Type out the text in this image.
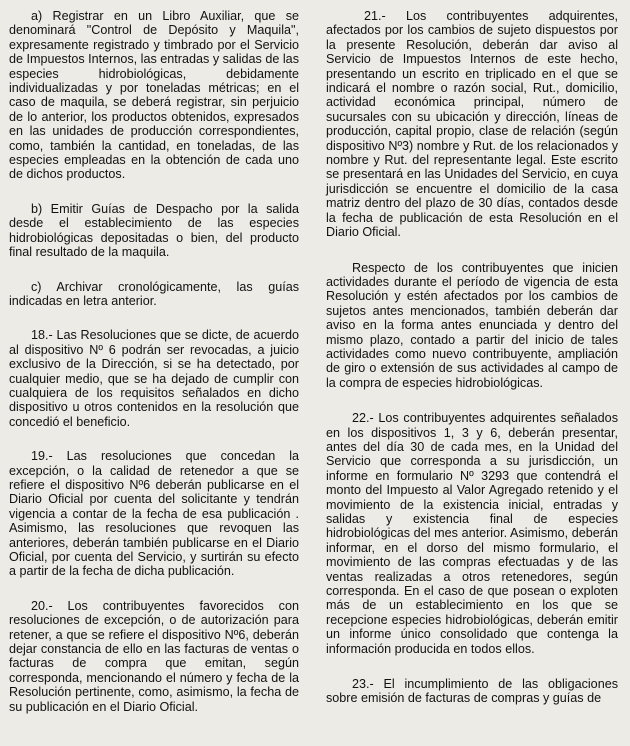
a) Registrar en un Libro Auxiliar, que se denominará "Control de Depósito y Maquila", expresamente registrado y timbrado por el Servicio de Impuestos Internos, las entradas y salidas de las especies hidrobiológicas, debidamente individualizadas y por toneladas métricas; en el caso de maquila, se deberá registrar, sin perjuicio de lo anterior, los productos obtenidos, expresados en las unidades de producción correspondientes, como, también la cantidad, en toneladas, de las especies empleadas en la obtención de cada uno de dichos productos.

b) Emitir Guías de Despacho por la salida desde el establecimiento de las especies hidrobiológicas depositadas o bien, del producto final resultado de la maquila.

c) Archivar cronológicamente, las guías indicadas en letra anterior.

18.- Las Resoluciones que se dicte, de acuerdo al dispositivo Nº 6 podrán ser revocadas, a juicio exclusivo de la Dirección, si se ha detectado, por cualquier medio, que se ha dejado de cumplir con cualquiera de los requisitos señalados en dicho dispositivo u otros contenidos en la resolución que concedió el beneficio.

19.- Las resoluciones que concedan la excepción, o la calidad de retenedor a que se refiere el dispositivo Nº6 deberán publicarse en el Diario Oficial por cuenta del solicitante y tendrán vigencia a contar de la fecha de esa publicación . Asimismo, las resoluciones que revoquen las anteriores, deberán también publicarse en el Diario Oficial, por cuenta del Servicio, y surtirán su efecto a partir de la fecha de dicha publicación.

20.- Los contribuyentes favorecidos con resoluciones de excepción, o de autorización para retener, a que se refiere el dispositivo Nº6, deberán dejar constancia de ello en las facturas de ventas o facturas de compra que emitan, según corresponda, mencionando el número y fecha de la Resolución pertinente, como, asimismo, la fecha de su publicación en el Diario Oficial.

21.- Los contribuyentes adquirentes, afectados por los cambios de sujeto dispuestos por la presente Resolución, deberán dar aviso al Servicio de Impuestos Internos de este hecho, presentando un escrito en triplicado en el que se indicará el nombre o razón social, Rut., domicilio, actividad económica principal, número de sucursales con su ubicación y dirección, líneas de producción, capital propio, clase de relación (según dispositivo Nº3) nombre y Rut. de los relacionados y nombre y Rut. del representante legal. Este escrito se presentará en las Unidades del Servicio, en cuya jurisdicción se encuentre el domicilio de la casa matriz dentro del plazo de 30 días, contados desde la fecha de publicación de esta Resolución en el Diario Oficial.

Respecto de los contribuyentes que inicien actividades durante el período de vigencia de esta Resolución y estén afectados por los cambios de sujetos antes mencionados, también deberán dar aviso en la forma antes enunciada y dentro del mismo plazo, contado a partir del inicio de tales actividades como nuevo contribuyente, ampliación de giro o extensión de sus actividades al campo de la compra de especies hidrobiológicas.

22.- Los contribuyentes adquirentes señalados en los dispositivos 1, 3 y 6, deberán presentar, antes del día 30 de cada mes, en la Unidad del Servicio que corresponda a su jurisdicción, un informe en formulario Nº 3293 que contendrá el monto del Impuesto al Valor Agregado retenido y el movimiento de la existencia inicial, entradas y salidas y existencia final de especies hidrobiológicas del mes anterior. Asimismo, deberán informar, en el dorso del mismo formulario, el movimiento de las compras efectuadas y de las ventas realizadas a otros retenedores, según corresponda. En el caso de que posean o exploten más de un establecimiento en los que se recepcione especies hidrobiológicas, deberán emitir un informe único consolidado que contenga la información producida en todos ellos.

23.- El incumplimiento de las obligaciones sobre emisión de facturas de compras y guías de
